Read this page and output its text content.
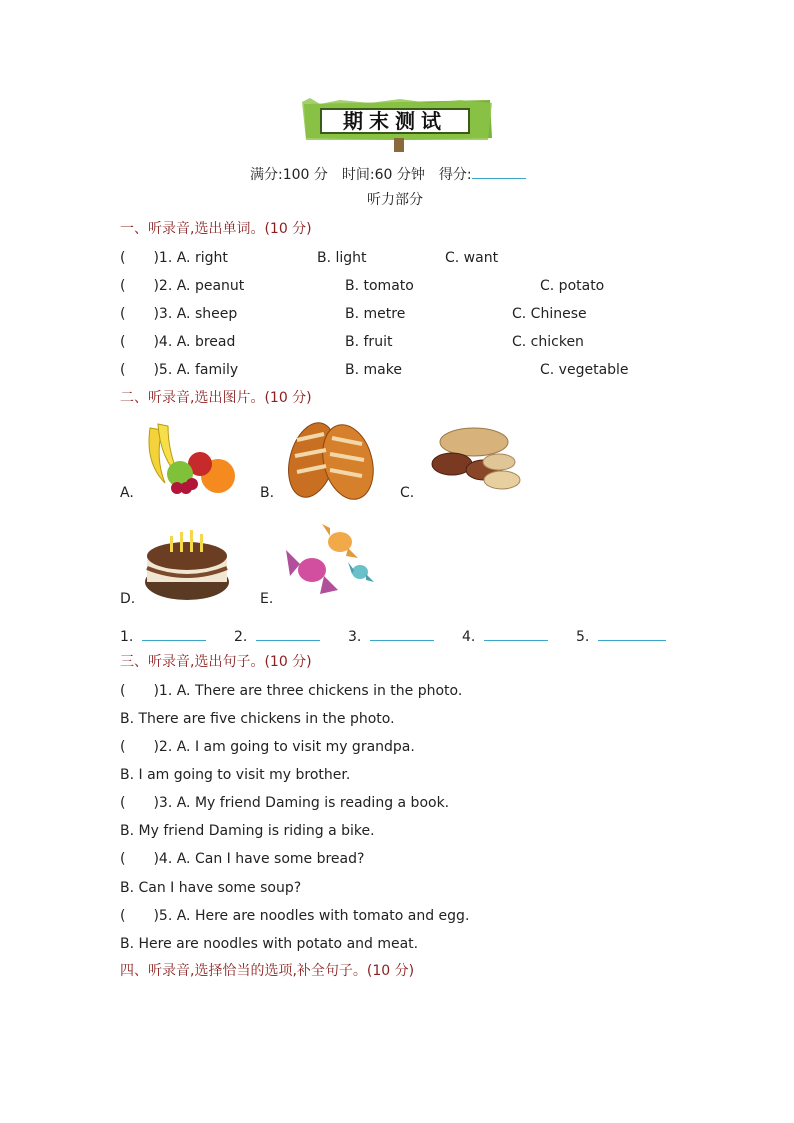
期末测试
满分:100 分　时间:60 分钟　得分:
听力部分
一、听录音,选出单词。(10 分)
(　　)1. A. right	B. light	C. want
(　　)2. A. peanut	B. tomato	C. potato
(　　)3. A. sheep	B. metre	C. Chinese
(　　)4. A. bread	B. fruit	C. chicken
(　　)5. A. family	B. make	C. vegetable
二、听录音,选出图片。(10 分)
A.	B.	C.
D.	E.
1.	2.	3.	4.	5.
三、听录音,选出句子。(10 分)
(　　)1. A. There are three chickens in the photo.
B. There are five chickens in the photo.
(　　)2. A. I am going to visit my grandpa.
B. I am going to visit my brother.
(　　)3. A. My friend Daming is reading a book.
B. My friend Daming is riding a bike.
(　　)4. A. Can I have some bread?
B. Can I have some soup?
(　　)5. A. Here are noodles with tomato and egg.
B. Here are noodles with potato and meat.
四、听录音,选择恰当的选项,补全句子。(10 分)
